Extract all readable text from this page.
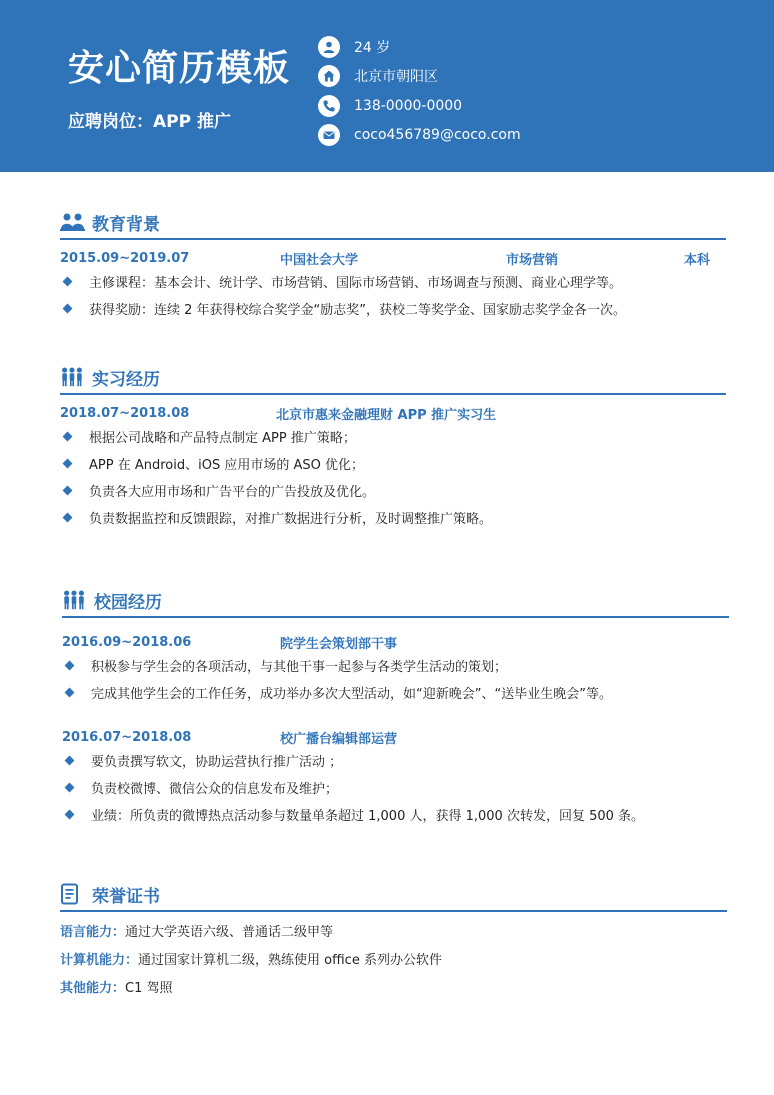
安心简历模板
应聘岗位：APP 推广
24 岁
北京市朝阳区
138-0000-0000
coco456789@coco.com
教育背景
2015.09~2019.07	中国社会大学	市场营销	本科
主修课程：基本会计、统计学、市场营销、国际市场营销、市场调查与预测、商业心理学等。
获得奖励：连续 2 年获得校综合奖学金“励志奖”，获校二等奖学金、国家励志奖学金各一次。
实习经历
2018.07~2018.08	北京市惠来金融理财 APP 推广实习生
根据公司战略和产品特点制定 APP 推广策略；
APP 在 Android、iOS 应用市场的 ASO 优化；
负责各大应用市场和广告平台的广告投放及优化。
负责数据监控和反馈跟踪，对推广数据进行分析，及时调整推广策略。
校园经历
2016.09~2018.06	院学生会策划部干事
积极参与学生会的各项活动，与其他干事一起参与各类学生活动的策划；
完成其他学生会的工作任务，成功举办多次大型活动，如“迎新晚会”、“送毕业生晚会”等。
2016.07~2018.08	校广播台编辑部运营
要负责撰写软文，协助运营执行推广活动 ；
负责校微博、微信公众的信息发布及维护；
业绩：所负责的微博热点活动参与数量单条超过 1,000 人，获得 1,000 次转发，回复 500 条。
荣誉证书
语言能力： 通过大学英语六级、普通话二级甲等
计算机能力： 通过国家计算机二级，熟练使用 office 系列办公软件
其他能力： C1 驾照
